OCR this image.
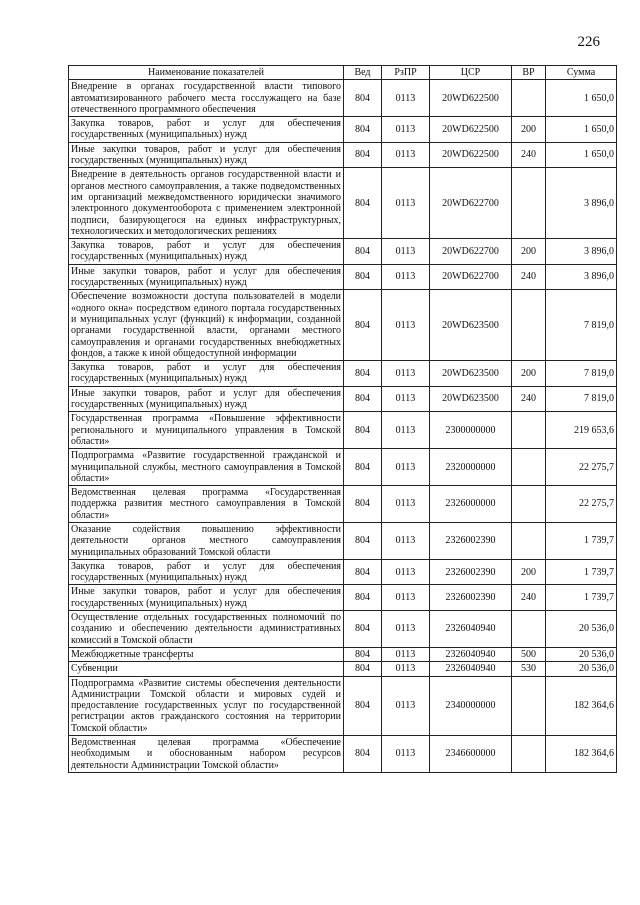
226
Наименование показателей	Вед	РзПР	ЦСР	ВР	Сумма
Внедрение в органах государственной власти типового автоматизированного рабочего места госслужащего на базе отечественного программного обеспечения	804	0113	20WD622500		1 650,0
Закупка товаров, работ и услуг для обеспечения государственных (муниципальных) нужд	804	0113	20WD622500	200	1 650,0
Иные закупки товаров, работ и услуг для обеспечения государственных (муниципальных) нужд	804	0113	20WD622500	240	1 650,0
Внедрение в деятельность органов государственной власти и органов местного самоуправления, а также подведомственных им организаций межведомственного юридически значимого электронного документооборота с применением электронной подписи, базирующегося на единых инфраструктурных, технологических и методологических решениях	804	0113	20WD622700		3 896,0
Закупка товаров, работ и услуг для обеспечения государственных (муниципальных) нужд	804	0113	20WD622700	200	3 896,0
Иные закупки товаров, работ и услуг для обеспечения государственных (муниципальных) нужд	804	0113	20WD622700	240	3 896,0
Обеспечение возможности доступа пользователей в модели «одного окна» посредством единого портала государственных и муниципальных услуг (функций) к информации, созданной органами государственной власти, органами местного самоуправления и органами государственных внебюджетных фондов, а также к иной общедоступной информации	804	0113	20WD623500		7 819,0
Закупка товаров, работ и услуг для обеспечения государственных (муниципальных) нужд	804	0113	20WD623500	200	7 819,0
Иные закупки товаров, работ и услуг для обеспечения государственных (муниципальных) нужд	804	0113	20WD623500	240	7 819,0
Государственная программа «Повышение эффективности регионального и муниципального управления в Томской области»	804	0113	2300000000		219 653,6
Подпрограмма «Развитие государственной гражданской и муниципальной службы, местного самоуправления в Томской области»	804	0113	2320000000		22 275,7
Ведомственная целевая программа «Государственная поддержка развития местного самоуправления в Томской области»	804	0113	2326000000		22 275,7
Оказание содействия повышению эффективности деятельности органов местного самоуправления муниципальных образований Томской области	804	0113	2326002390		1 739,7
Закупка товаров, работ и услуг для обеспечения государственных (муниципальных) нужд	804	0113	2326002390	200	1 739,7
Иные закупки товаров, работ и услуг для обеспечения государственных (муниципальных) нужд	804	0113	2326002390	240	1 739,7
Осуществление отдельных государственных полномочий по созданию и обеспечению деятельности административных комиссий в Томской области	804	0113	2326040940		20 536,0
Межбюджетные трансферты	804	0113	2326040940	500	20 536,0
Субвенции	804	0113	2326040940	530	20 536,0
Подпрограмма «Развитие системы обеспечения деятельности Администрации Томской области и мировых судей и предоставление государственных услуг по государственной регистрации актов гражданского состояния на территории Томской области»	804	0113	2340000000		182 364,6
Ведомственная целевая программа «Обеспечение необходимым и обоснованным набором ресурсов деятельности Администрации Томской области»	804	0113	2346600000		182 364,6
